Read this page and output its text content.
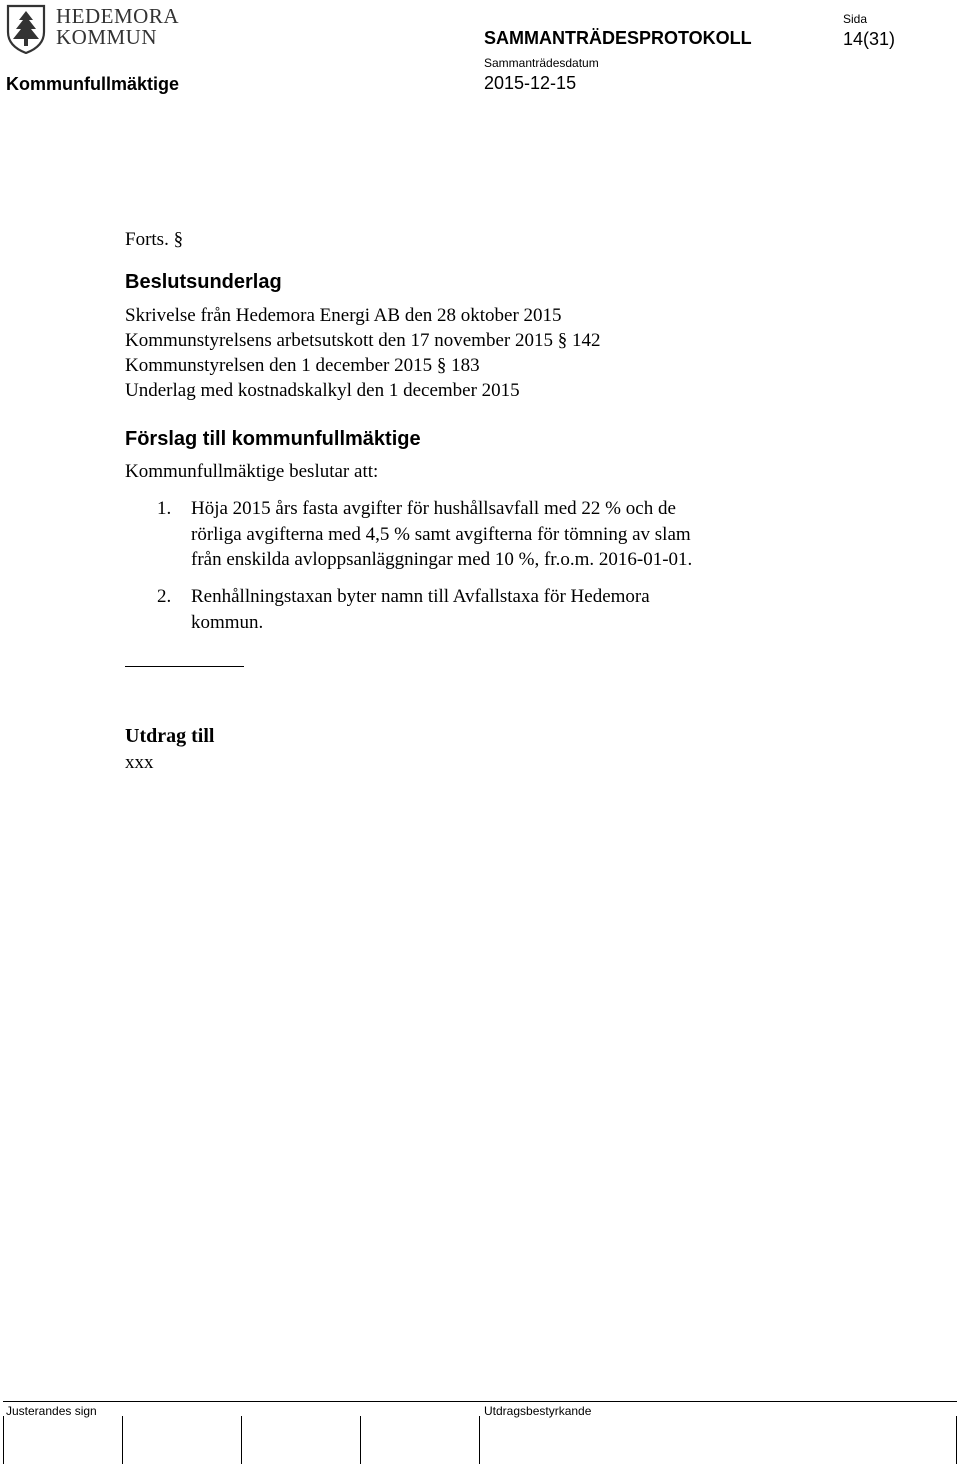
HEDEMORA
KOMMUN
Kommunfullmäktige
SAMMANTRÄDESPROTOKOLL
Sammanträdesdatum
2015-12-15
Sida
14(31)
Forts. §
Beslutsunderlag
Skrivelse från Hedemora Energi AB den 28 oktober 2015
Kommunstyrelsens arbetsutskott den 17 november 2015 § 142
Kommunstyrelsen den 1 december 2015 § 183
Underlag med kostnadskalkyl den 1 december 2015
Förslag till kommunfullmäktige
Kommunfullmäktige beslutar att:
1. Höja 2015 års fasta avgifter för hushållsavfall med 22 % och de
rörliga avgifterna med 4,5 % samt avgifterna för tömning av slam
från enskilda avloppsanläggningar med 10 %, fr.o.m. 2016-01-01.
2. Renhållningstaxan byter namn till Avfallstaxa för Hedemora
kommun.
Utdrag till
xxx
Justerandes sign	Utdragsbestyrkande
